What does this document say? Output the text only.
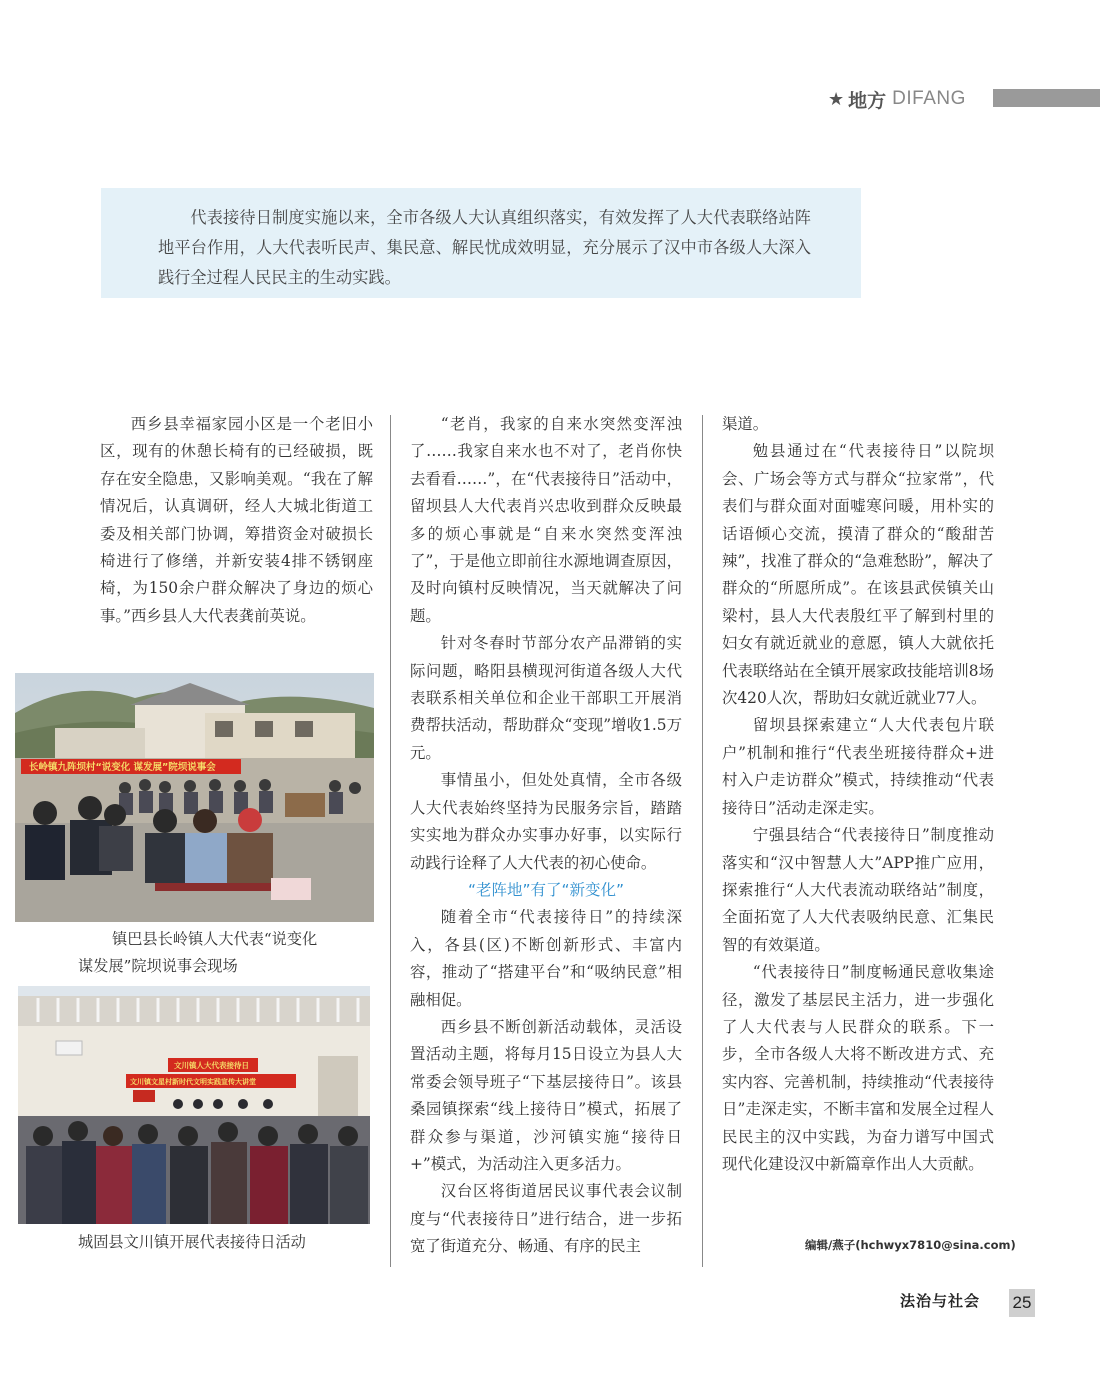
★ 地方 DIFANG

代表接待日制度实施以来，全市各级人大认真组织落实，有效发挥了人大代表联络站阵地平台作用，人大代表听民声、集民意、解民忧成效明显，充分展示了汉中市各级人大深入践行全过程人民民主的生动实践。

西乡县幸福家园小区是一个老旧小区，现有的休憩长椅有的已经破损，既存在安全隐患，又影响美观。“我在了解情况后，认真调研，经人大城北街道工委及相关部门协调，筹措资金对破损长椅进行了修缮，并新安装4排不锈钢座椅，为150余户群众解决了身边的烦心事。”西乡县人大代表龚前英说。

长岭镇九阵坝村“说变化 谋发展”院坝说事会
镇巴县长岭镇人大代表“说变化
谋发展”院坝说事会现场
文川镇人大代表接待日
文川镇文星村新时代文明实践宣传大讲堂
城固县文川镇开展代表接待日活动

“老肖，我家的自来水突然变浑浊了……我家自来水也不对了，老肖你快去看看……”，在“代表接待日”活动中，留坝县人大代表肖兴忠收到群众反映最多的烦心事就是“自来水突然变浑浊了”，于是他立即前往水源地调查原因，及时向镇村反映情况，当天就解决了问题。

针对冬春时节部分农产品滞销的实际问题，略阳县横现河街道各级人大代表联系相关单位和企业干部职工开展消费帮扶活动，帮助群众“变现”增收1.5万元。

事情虽小，但处处真情，全市各级人大代表始终坚持为民服务宗旨，踏踏实实地为群众办实事办好事，以实际行动践行诠释了人大代表的初心使命。

“老阵地”有了“新变化”

随着全市“代表接待日”的持续深入，各县(区)不断创新形式、丰富内容，推动了“搭建平台”和“吸纳民意”相融相促。

西乡县不断创新活动载体，灵活设置活动主题，将每月15日设立为县人大常委会领导班子“下基层接待日”。该县桑园镇探索“线上接待日”模式，拓展了群众参与渠道，沙河镇实施“接待日+”模式，为活动注入更多活力。

汉台区将街道居民议事代表会议制度与“代表接待日”进行结合，进一步拓宽了街道充分、畅通、有序的民主

渠道。

勉县通过在“代表接待日”以院坝会、广场会等方式与群众“拉家常”，代表们与群众面对面嘘寒问暖，用朴实的话语倾心交流，摸清了群众的“酸甜苦辣”，找准了群众的“急难愁盼”，解决了群众的“所愿所成”。在该县武侯镇关山梁村，县人大代表殷红平了解到村里的妇女有就近就业的意愿，镇人大就依托代表联络站在全镇开展家政技能培训8场次420人次，帮助妇女就近就业77人。

留坝县探索建立“人大代表包片联户”机制和推行“代表坐班接待群众+进村入户走访群众”模式，持续推动“代表接待日”活动走深走实。

宁强县结合“代表接待日”制度推动落实和“汉中智慧人大”APP推广应用，探索推行“人大代表流动联络站”制度，全面拓宽了人大代表吸纳民意、汇集民智的有效渠道。

“代表接待日”制度畅通民意收集途径，激发了基层民主活力，进一步强化了人大代表与人民群众的联系。下一步，全市各级人大将不断改进方式、充实内容、完善机制，持续推动“代表接待日”走深走实，不断丰富和发展全过程人民民主的汉中实践，为奋力谱写中国式现代化建设汉中新篇章作出人大贡献。

编辑/燕子(hchwyx7810@sina.com)
法治与社会 25
